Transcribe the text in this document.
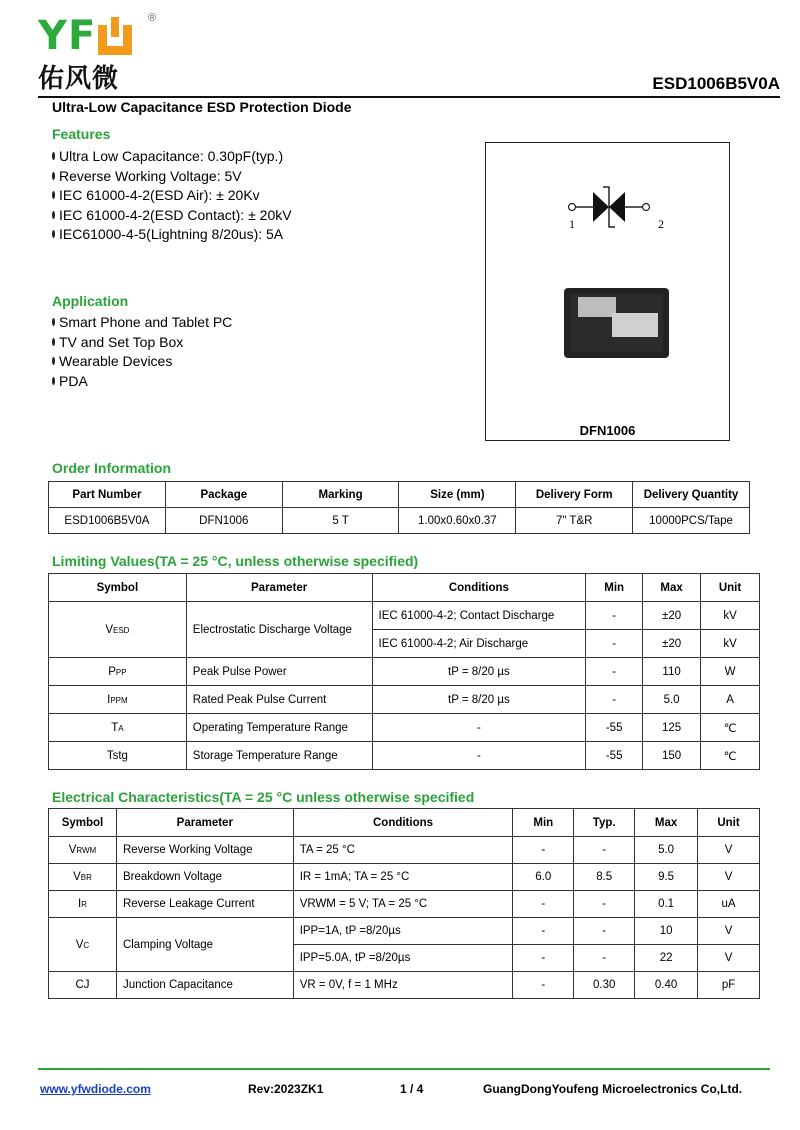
YF	®
佑风微	ESD1006B5V0A
Ultra-Low Capacitance ESD Protection Diode
Features
Ultra Low Capacitance: 0.30pF(typ.)
Reverse Working Voltage: 5V
IEC 61000-4-2(ESD Air): ± 20Kv
IEC 61000-4-2(ESD Contact): ± 20kV
IEC61000-4-5(Lightning 8/20us): 5A
Application
Smart Phone and Tablet PC
TV and Set Top Box
Wearable Devices
PDA
1	2
DFN1006
Order Information
Part Number	Package	Marking	Size (mm)	Delivery Form	Delivery Quantity
ESD1006B5V0A	DFN1006	5 T	1.00x0.60x0.37	7" T&R	10000PCS/Tape
Limiting Values(TA = 25 °C, unless otherwise specified)
Symbol	Parameter	Conditions	Min	Max	Unit
VESD	Electrostatic Discharge Voltage	IEC 61000-4-2; Contact Discharge	-	±20	kV
		IEC 61000-4-2; Air Discharge	-	±20	kV
PPP	Peak Pulse Power	tP = 8/20 µs	-	110	W
IPPM	Rated Peak Pulse Current	tP = 8/20 µs	-	5.0	A
TA	Operating Temperature Range	-	-55	125	℃
Tstg	Storage Temperature Range	-	-55	150	℃
Electrical Characteristics(TA = 25 °C unless otherwise specified
Symbol	Parameter	Conditions	Min	Typ.	Max	Unit
VRWM	Reverse Working Voltage	TA = 25 °C	-	-	5.0	V
VBR	Breakdown Voltage	IR = 1mA; TA = 25 °C	6.0	8.5	9.5	V
IR	Reverse Leakage Current	VRWM = 5 V; TA = 25 °C	-	-	0.1	uA
VC	Clamping Voltage	IPP=1A, tP =8/20µs	-	-	10	V
		IPP=5.0A, tP =8/20µs	-	-	22	V
CJ	Junction Capacitance	VR = 0V, f = 1 MHz	-	0.30	0.40	pF
www.yfwdiode.com	Rev:2023ZK1	1 / 4	GuangDongYoufeng Microelectronics Co,Ltd.
